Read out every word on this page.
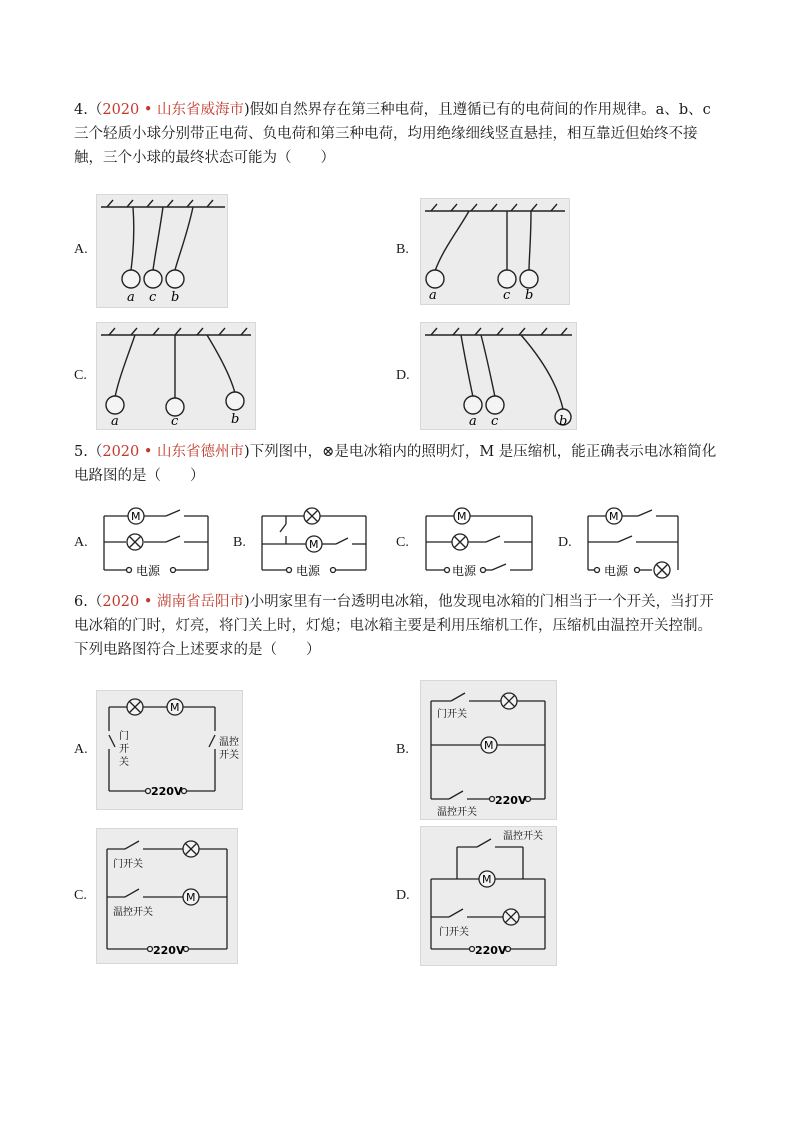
4.（2020 • 山东省威海市)假如自然界存在第三种电荷，且遵循已有的电荷间的作用规律。a、b、c 三个轻质小球分别带正电荷、负电荷和第三种电荷，均用绝缘细线竖直悬挂，相互靠近但始终不接触，三个小球的最终状态可能为（　　）
A.
a c b
B.
a	c b
C.
a	c	b
D.
a c	b
5.（2020 • 山东省德州市)下列图中，⊗是电冰箱内的照明灯，M 是压缩机，能正确表示电冰箱简化电路图的是（　　）
A.
M
电源
B.	M
电源
C.
M
电源
D.
M
电源
6.（2020 • 湖南省岳阳市)小明家里有一台透明电冰箱，他发现电冰箱的门相当于一个开关，当打开电冰箱的门时，灯亮，将门关上时，灯熄；电冰箱主要是利用压缩机工作，压缩机由温控开关控制。下列电路图符合上述要求的是（　　）
A.
M
门
开
关
温控
开关
220V
B.	M
门开关
温控开关
220V
C.	M
门开关
温控开关
220V
D.
M
温控开关
门开关
220V
